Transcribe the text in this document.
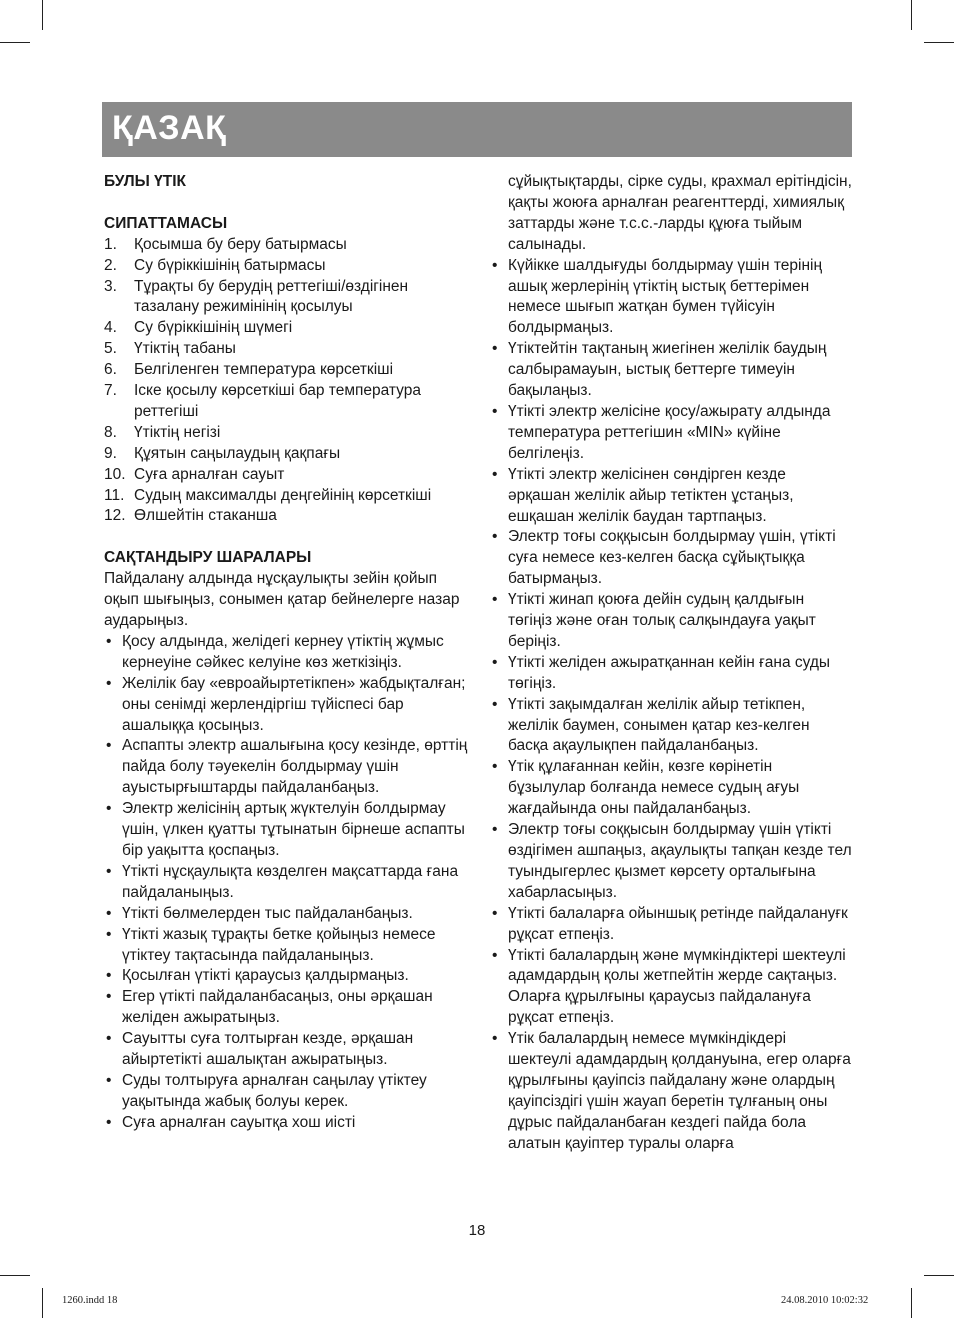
ҚАЗАҚ
БУЛЫ ҮТІК
СИПАТТАМАСЫ
1. Қосымша бу беру батырмасы
2. Су бүріккішінің батырмасы
3. Тұрақты бу берудің реттегіші/өздігінен тазалану режимінінің қосылуы
4. Су бүріккішінің шүмегі
5. Үтіктің табаны
6. Белгіленген температура көрсеткіші
7. Іске қосылу көрсеткіші бар температура реттегіші
8. Үтіктің негізі
9. Құятын саңылаудың қақпағы
10. Суға арналған сауыт
11. Судың максималды деңгейінің көрсеткіші
12. Өлшейтін стаканша
САҚТАНДЫРУ ШАРАЛАРЫ
Пайдалану алдында нұсқаулықты зейін қойып оқып шығыңыз, сонымен қатар бейнелерге назар аударыңыз.
• Қосу алдында, желідегі кернеу үтіктің жұмыс кернеуіне сәйкес келуіне көз жеткізіңіз.
• Желілік бау «евроайыртетікпен» жабдықталған; оны сенімді жерлендіргіш түйіспесі бар ашалыққа қосыңыз.
• Аспапты электр ашалығына қосу кезінде, өрттің пайда болу тәуекелін болдырмау үшін ауыстырғыштарды пайдаланбаңыз.
• Электр желісінің артық жүктелуін болдырмау үшін, үлкен қуатты тұтынатын бірнеше аспапты бір уақытта қоспаңыз.
• Үтікті нұсқаулықта көзделген мақсаттарда ғана пайдаланыңыз.
• Үтікті бөлмелерден тыс пайдаланбаңыз.
• Үтікті жазық тұрақты бетке қойыңыз немесе үтіктеу тақтасында пайдаланыңыз.
• Қосылған үтікті қараусыз қалдырмаңыз.
• Егер үтікті пайдаланбасаңыз, оны әрқашан желіден ажыратыңыз.
• Сауытты суға толтырған кезде, әрқашан айыртетікті ашалықтан ажыратыңыз.
• Суды толтыруға арналған саңылау үтіктеу уақытында жабық болуы керек.
• Суға арналған сауытқа хош иісті
сұйықтықтарды, сірке суды, крахмал ерітіндісін, қақты жоюға арналған реагенттерді, химиялық заттарды және т.с.с.-ларды құюға тыйым салынады.
• Күйікке шалдығуды болдырмау үшін терінің ашық жерлерінің үтіктің ыстық беттерімен немесе шығып жатқан бумен түйісуін болдырмаңыз.
• Үтіктейтін тақтаның жиегінен желілік баудың салбырамауын, ыстық беттерге тимеуін бақылаңыз.
• Үтікті электр желісіне қосу/ажырату алдында температура реттегішин «MIN» күйіне белгілеңіз.
• Үтікті электр желісінен сөндірген кезде әрқашан желілік айыр тетіктен ұстаңыз, ешқашан желілік баудан тартпаңыз.
• Электр тоғы соққысын болдырмау үшін, үтікті суға немесе кез-келген басқа сұйықтыққа батырмаңыз.
• Үтікті жинап қоюға дейін судың қалдығын төгіңіз және оған толық салқындауға уақыт беріңіз.
• Үтікті желіден ажыратқаннан кейін ғана суды төгіңіз.
• Үтікті зақымдалған желілік айыр тетікпен, желілік баумен, сонымен қатар кез-келген басқа ақаулықпен пайдаланбаңыз.
• Үтік құлағаннан кейін, көзге көрінетін бұзылулар болғанда немесе судың ағуы жағдайында оны пайдаланбаңыз.
• Электр тоғы соққысын болдырмау үшін үтікті өздігімен ашпаңыз, ақаулықты тапқан кезде тел туындыгерлес қызмет көрсету орталығына хабарласыңыз.
• Үтікті балаларға ойыншық ретінде пайдалануғк рұқсат етпеңіз.
• Үтікті балалардың және мүмкіндіктері шектеулі адамдардың қолы жетпейтін жерде сақтаңыз.
Оларға құрылғыны қараусыз пайдалануға рұқсат етпеңіз.
• Үтік балалардың немесе мүмкіндікдері шектеулі адамдардың қолдануына, егер оларға құрылғыны қауіпсіз пайдалану және олардың қауіпсіздігі үшін жауап беретін тұлғаның оны дұрыс пайдаланбаған кездегі пайда бола алатын қауіптер туралы оларға
18
1260.indd 18	24.08.2010 10:02:32
